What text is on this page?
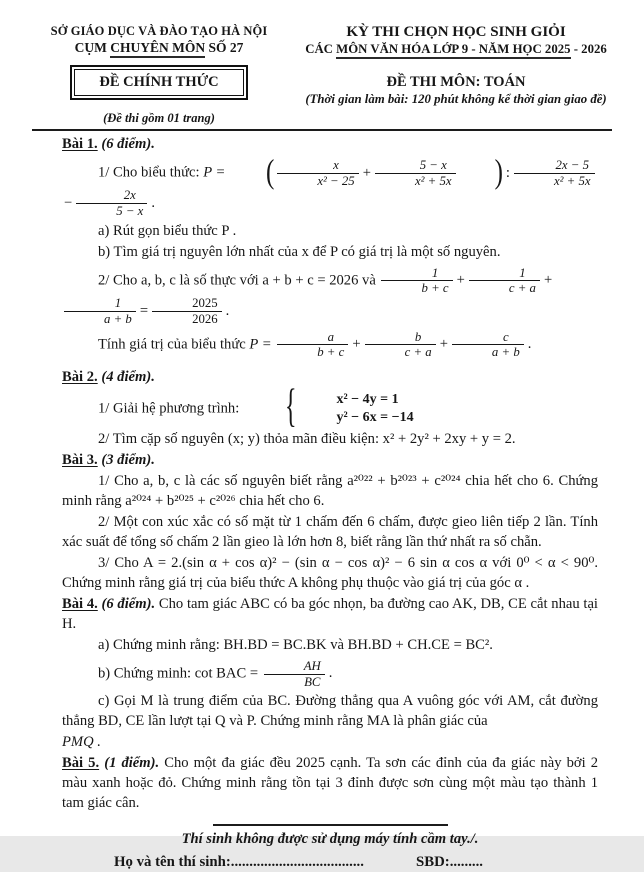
SỞ GIÁO DỤC VÀ ĐÀO TẠO HÀ NỘI
CỤM CHUYÊN MÔN SỐ 27
ĐỀ CHÍNH THỨC
(Đề thi gồm 01 trang)
KỲ THI CHỌN HỌC SINH GIỎI
CÁC MÔN VĂN HÓA LỚP 9 - NĂM HỌC 2025 - 2026
ĐỀ THI MÔN: TOÁN
(Thời gian làm bài: 120 phút không kể thời gian giao đề)

Bài 1. (6 điểm).

1/ Cho biểu thức: P = ( $\frac{x}{\text{x² − 25}} + \frac{5 - x}{\text{x² + 5x}}$ ) : $\frac{2x - 5}{\text{x² + 5x}}$
− $\frac{2x}{5 - x}$ .

a) Rút gọn biểu thức P .

b) Tìm giá trị nguyên lớn nhất của x để P có giá trị là một số nguyên.

2/ Cho a, b, c là số thực với a + b + c = 2026 và $\frac{1}{b + c} + \frac{1}{c + a}$ +
$\frac{1}{a + b} = \frac{2025}{2026}$ .

Tính giá trị của biểu thức $P = \frac{a}{b + c} + \frac{b}{c + a} + \frac{c}{a + b}$ .

Bài 2. (4 điểm).

1/ Giải hệ phương trình: {	x² − 4y = 1
y² − 6x = −14

2/ Tìm cặp số nguyên (x; y) thỏa mãn điều kiện: x² + 2y² + 2xy + y = 2.

Bài 3. (3 điểm).

1/ Cho a, b, c là các số nguyên biết rằng a²⁰²² + b²⁰²³ + c²⁰²⁴ chia hết cho 6. Chứng minh rằng a²⁰²⁴ + b²⁰²⁵ + c²⁰²⁶ chia hết cho 6.

2/ Một con xúc xắc có số mặt từ 1 chấm đến 6 chấm, được gieo liên tiếp 2 lần. Tính xác suất để tổng số chấm 2 lần gieo là lớn hơn 8, biết rằng lần thứ nhất ra số chẵn.

3/ Cho A = 2.(sin α + cos α)² − (sin α − cos α)² − 6 sin α cos α với 0⁰ < α < 90⁰. Chứng minh rằng giá trị của biểu thức A không phụ thuộc vào giá trị của góc α .

Bài 4. (6 điểm). Cho tam giác ABC có ba góc nhọn, ba đường cao AK, DB, CE cắt nhau tại H.

a) Chứng minh rằng: BH.BD = BC.BK và BH.BD + CH.CE = BC².

b) Chứng minh: cot BAC = $\frac{AH}{BC}$ .

c) Gọi M là trung điểm của BC. Đường thẳng qua A vuông góc với AM, cắt đường thẳng BD, CE lần lượt tại Q và P. Chứng minh rằng MA là phân giác của

PMQ .

Bài 5. (1 điểm). Cho một đa giác đều 2025 cạnh. Ta sơn các đỉnh của đa giác này bởi 2 màu xanh hoặc đỏ. Chứng minh rằng tồn tại 3 đỉnh được sơn cùng một màu tạo thành 1 tam giác cân.

Thí sinh không được sử dụng máy tính cầm tay./.
Họ và tên thí sinh:....................................	SBD:.........
